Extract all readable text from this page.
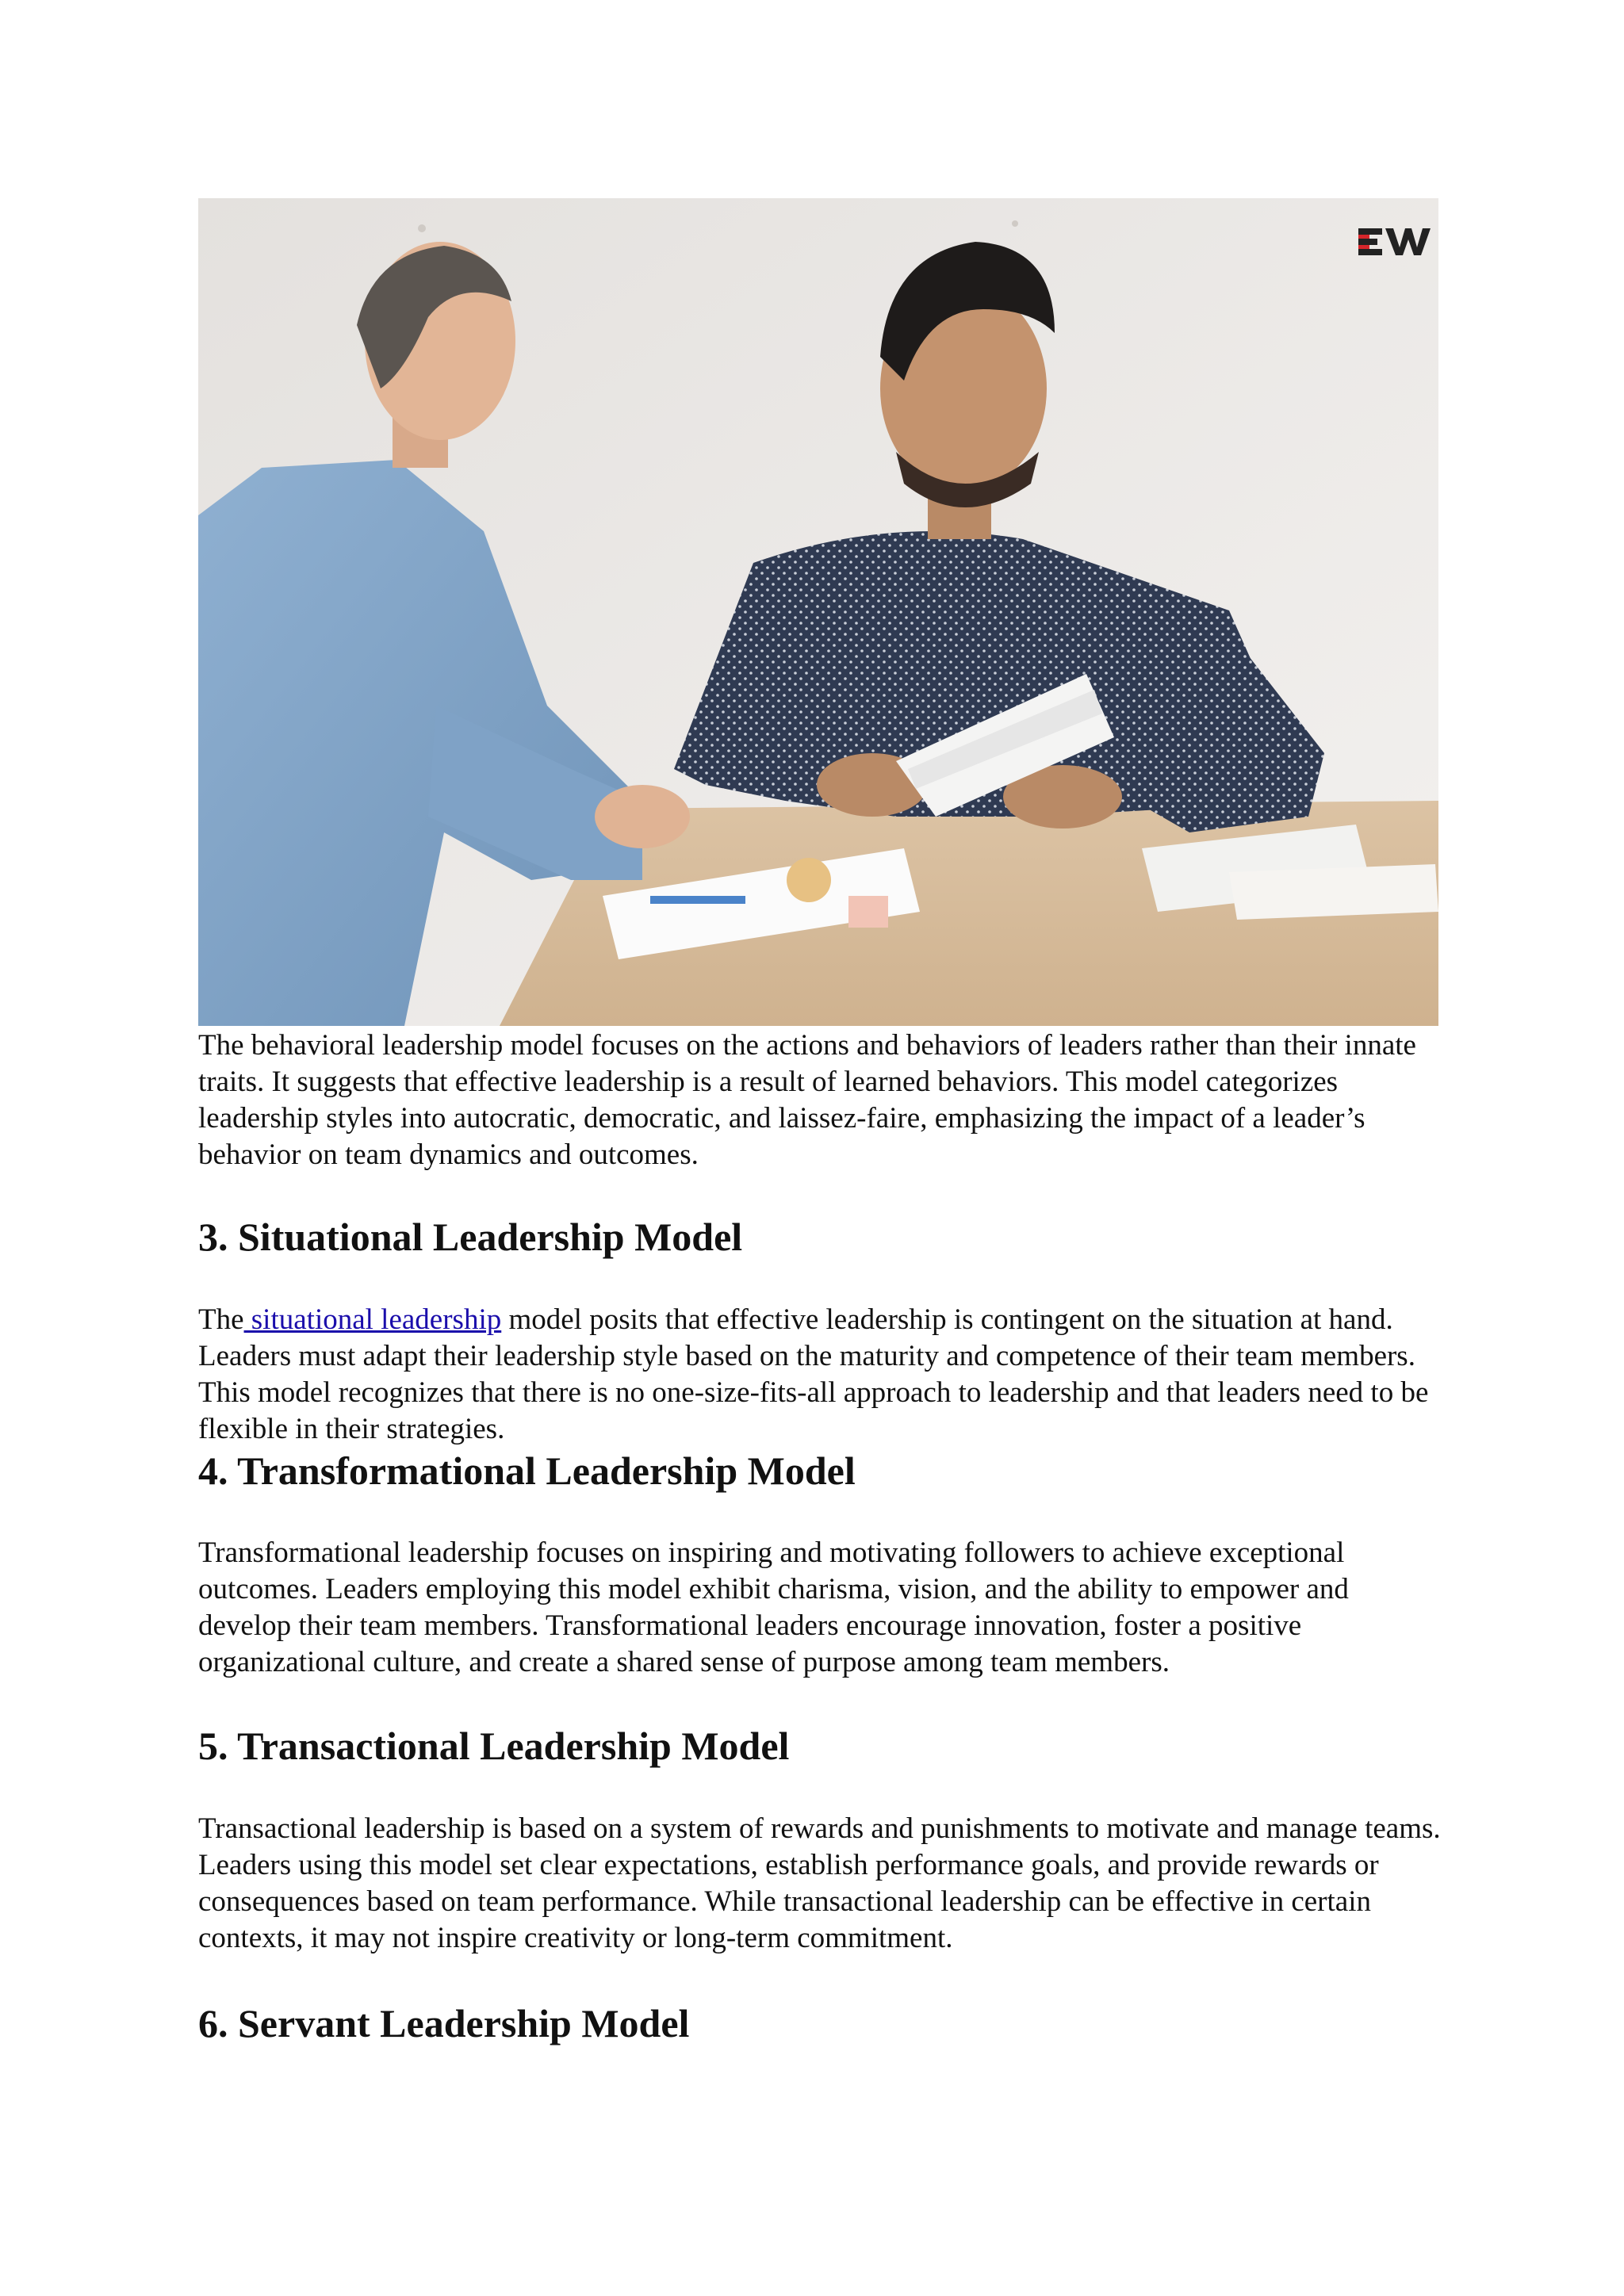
The behavioral leadership model focuses on the actions and behaviors of leaders rather than their innate traits. It suggests that effective leadership is a result of learned behaviors. This model categorizes leadership styles into autocratic, democratic, and laissez-faire, emphasizing the impact of a leader’s behavior on team dynamics and outcomes.

3. Situational Leadership Model

The situational leadership model posits that effective leadership is contingent on the situation at hand. Leaders must adapt their leadership style based on the maturity and competence of their team members. This model recognizes that there is no one-size-fits-all approach to leadership and that leaders need to be flexible in their strategies.

4. Transformational Leadership Model

Transformational leadership focuses on inspiring and motivating followers to achieve exceptional outcomes. Leaders employing this model exhibit charisma, vision, and the ability to empower and develop their team members. Transformational leaders encourage innovation, foster a positive organizational culture, and create a shared sense of purpose among team members.

5. Transactional Leadership Model

Transactional leadership is based on a system of rewards and punishments to motivate and manage teams. Leaders using this model set clear expectations, establish performance goals, and provide rewards or consequences based on team performance. While transactional leadership can be effective in certain contexts, it may not inspire creativity or long-term commitment.

6. Servant Leadership Model
